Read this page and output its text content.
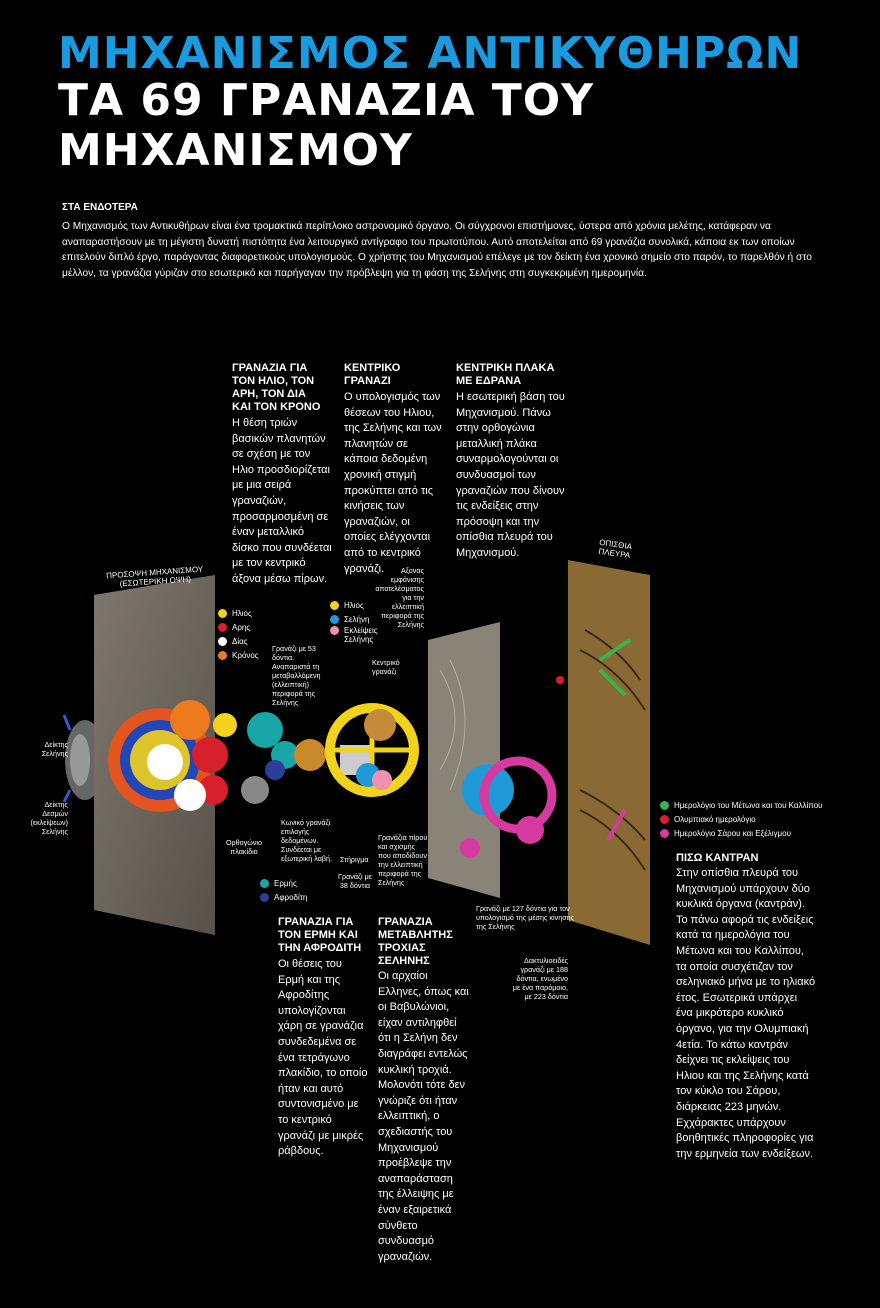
ΜΗΧΑΝΙΣΜΟΣ ΑΝΤΙΚΥΘΗΡΩΝ
ΤΑ 69 ΓΡΑΝΑΖΙΑ ΤΟΥ ΜΗΧΑΝΙΣΜΟΥ
ΣΤΑ ΕΝΔΟΤΕΡΑ
Ο Μηχανισμός των Αντικυθήρων είναι ένα τρομακτικά περίπλοκο αστρονομικό όργανο. Οι σύγχρονοι επιστήμονες, ύστερα από χρόνια μελέτης, κατάφεραν να αναπαραστήσουν με τη μέγιστη δυνατή πιστότητα ένα λειτουργικό αντίγραφο του πρωτοτύπου. Αυτό αποτελείται από 69 γρανάζια συνολικά, κάποια εκ των οποίων επιτελούν διπλό έργο, παράγοντας διαφορετικούς υπολογισμούς. Ο χρήστης του Μηχανισμού επέλεγε με τον δείκτη ένα χρονικό σημείο στο παρόν, το παρελθόν ή στο μέλλον, τα γρανάζια γύριζαν στο εσωτερικό και παρήγαγαν την πρόβλεψη για τη φάση της Σελήνης στη συγκεκριμένη ημερομηνία.
ΓΡΑΝΑΖΙΑ ΓΙΑ ΤΟΝ ΗΛΙΟ, ΤΟΝ ΑΡΗ, ΤΟΝ ΔΙΑ ΚΑΙ ΤΟΝ ΚΡΟΝΟ
Η θέση τριών βασικών πλανητών σε σχέση με τον Ηλιο προσδιορίζεται με μια σειρά γραναζιών, προσαρμοσμένη σε έναν μεταλλικό δίσκο που συνδέεται με τον κεντρικό άξονα μέσω πίρων.
ΚΕΝΤΡΙΚΟ ΓΡΑΝΑΖΙ
Ο υπολογισμός των θέσεων του Ηλιου, της Σελήνης και των πλανητών σε κάποια δεδομένη χρονική στιγμή προκύπτει από τις κινήσεις των γραναζιών, οι οποίες ελέγχονται από το κεντρικό γρανάζι.
ΚΕΝΤΡΙΚΗ ΠΛΑΚΑ ΜΕ ΕΔΡΑΝΑ
Η εσωτερική βάση του Μηχανισμού. Πάνω στην ορθογώνια μεταλλική πλάκα συναρμολογούνται οι συνδυασμοί των γραναζιών που δίνουν τις ενδείξεις στην πρόσοψη και την οπίσθια πλευρά του Μηχανισμού.
ΠΡΟΣΟΨΗ ΜΗΧΑΝΙΣΜΟΥ (ΕΣΩΤΕΡΙΚΗ ΟΨΗ)
ΟΠΙΣΘΙΑ ΠΛΕΥΡΑ
Ηλιος
Αρης
Δίας
Κρόνος
Ηλιος
Σελήνη
Εκλείψεις Σελήνης
Δείκτης Σελήνης
Δείκτης Δεσμών (εκλείψεων) Σελήνης
Ορθογώνιο πλακίδιο
Γρανάζι με 53 δόντια. Αναπαριστά τη μεταβαλλόμενη (ελλειπτική) περιφορά της Σελήνης
Κωνικό γρανάζι επιλογής δεδομένων. Συνδέεται με εξωτερική λαβή.	Στήριγμα
Γρανάζι με 38 δόντια
Αξονας εμφάνισης αποτελέσματος για την ελλειπτική περιφορά της Σελήνης
Κεντρικό γρανάζι
Γρανάζια πίρου και σχισμής που αποδίδουν την ελλειπτική περιφορά της Σελήνης
Γρανάζι με 127 δόντια για τον υπολογισμό της μέσης κίνησης της Σελήνης
Δακτυλιοειδές γρανάζι με 188 δόντια, ενωμένο με ένα παρόμοιο, με 223 δόντια
Ερμής
Αφροδίτη
Ημερολόγιο του Μέτωνα και του Καλλίπου
Ολυμπιακό ημερολόγιο
Ημερολόγιο Σάρου και Εξέλιγμου
ΓΡΑΝΑΖΙΑ ΓΙΑ ΤΟΝ ΕΡΜΗ ΚΑΙ ΤΗΝ ΑΦΡΟΔΙΤΗ
Οι θέσεις του Ερμή και της Αφροδίτης υπολογίζονται χάρη σε γρανάζια συνδεδεμένα σε ένα τετράγωνο πλακίδιο, το οποίο ήταν και αυτό συντονισμένο με το κεντρικό γρανάζι με μικρές ράβδους.
ΓΡΑΝΑΖΙΑ ΜΕΤΑΒΛΗΤΗΣ ΤΡΟΧΙΑΣ ΣΕΛΗΝΗΣ
Οι αρχαίοι Ελληνες, όπως και οι Βαβυλώνιοι, είχαν αντιληφθεί ότι η Σελήνη δεν διαγράφει εντελώς κυκλική τροχιά. Μολονότι τότε δεν γνώριζε ότι ήταν ελλειπτική, ο σχεδιαστής του Μηχανισμού προέβλεψε την αναπαράσταση της έλλειψης με έναν εξαιρετικά σύνθετο συνδυασμό γραναζιών.
ΠΙΣΩ ΚΑΝΤΡΑΝ
Στην οπίσθια πλευρά του Μηχανισμού υπάρχουν δύο κυκλικά όργανα (καντράν). Το πάνω αφορά τις ενδείξεις κατά τα ημερολόγια του Μέτωνα και του Καλλίπου, τα οποία συσχέτιζαν τον σεληνιακό μήνα με το ηλιακό έτος. Εσωτερικά υπάρχει ένα μικρότερο κυκλικό όργανο, για την Ολυμπιακή 4ετία. Το κάτω καντράν δείχνει τις εκλείψεις του Ηλιου και της Σελήνης κατά τον κύκλο του Σάρου, διάρκειας 223 μηνών. Εχχάρακτες υπάρχουν βοηθητικές πληροφορίες για την ερμηνεία των ενδείξεων.
